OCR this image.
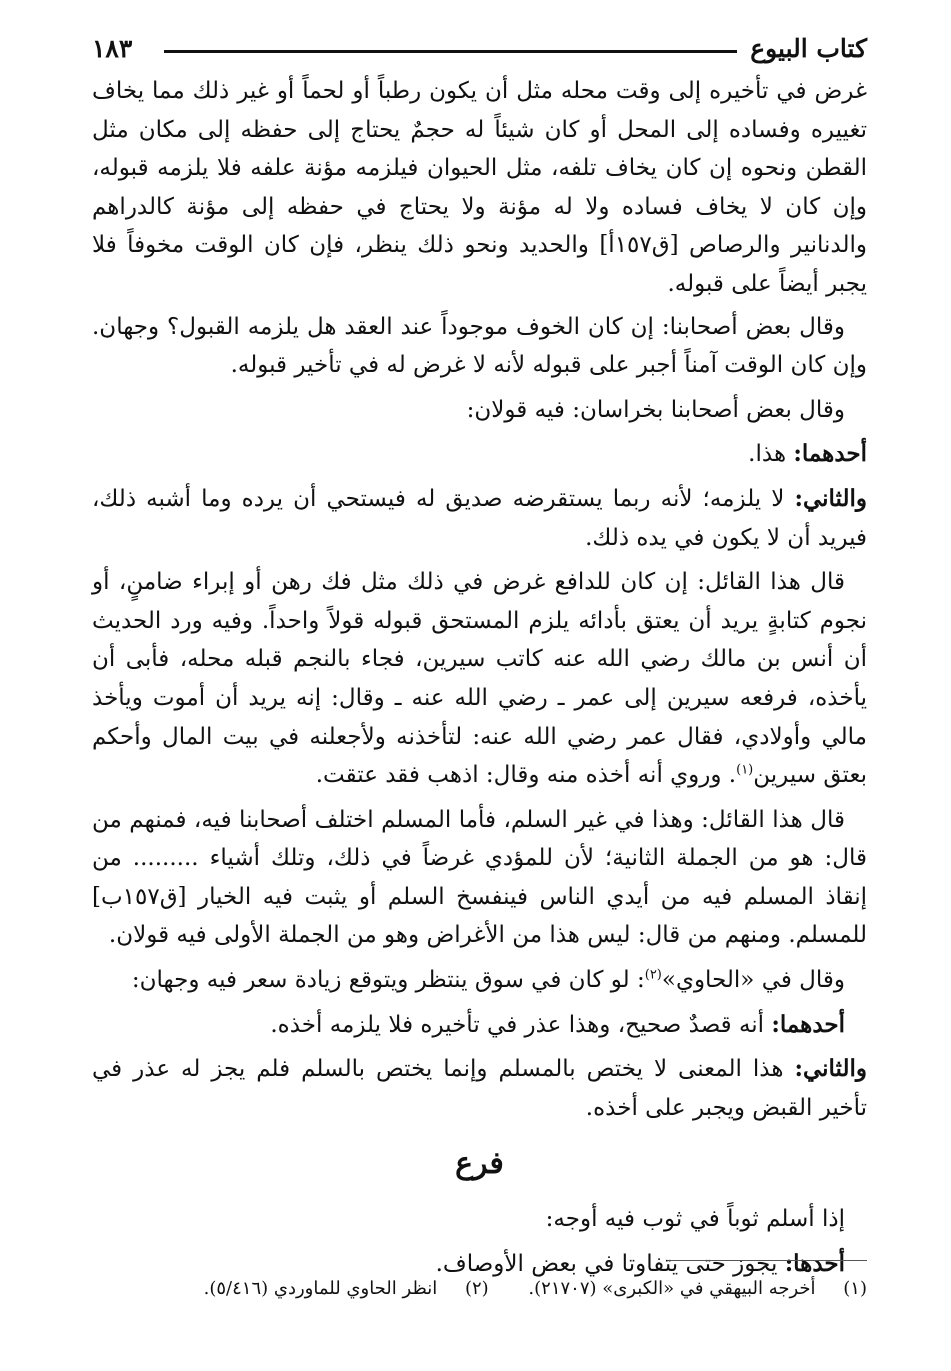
كتاب البيوع
١٨٣

غرض في تأخيره إلى وقت محله مثل أن يكون رطباً أو لحماً أو غير ذلك مما يخاف تغييره وفساده إلى المحل أو كان شيئاً له حجمٌ يحتاج إلى حفظه إلى مكان مثل القطن ونحوه إن كان يخاف تلفه، مثل الحيوان فيلزمه مؤنة علفه فلا يلزمه قبوله، وإن كان لا يخاف فساده ولا له مؤنة ولا يحتاج في حفظه إلى مؤنة كالدراهم والدنانير والرصاص [ق١٥٧أ] والحديد ونحو ذلك ينظر، فإن كان الوقت مخوفاً فلا يجبر أيضاً على قبوله.

وقال بعض أصحابنا: إن كان الخوف موجوداً عند العقد هل يلزمه القبول؟ وجهان. وإن كان الوقت آمناً أجبر على قبوله لأنه لا غرض له في تأخير قبوله.

وقال بعض أصحابنا بخراسان: فيه قولان:

أحدهما: هذا.

والثاني: لا يلزمه؛ لأنه ربما يستقرضه صديق له فيستحي أن يرده وما أشبه ذلك، فيريد أن لا يكون في يده ذلك.

قال هذا القائل: إن كان للدافع غرض في ذلك مثل فك رهن أو إبراء ضامنٍ، أو نجوم كتابةٍ يريد أن يعتق بأدائه يلزم المستحق قبوله قولاً واحداً. وفيه ورد الحديث أن أنس بن مالك رضي الله عنه كاتب سيرين، فجاء بالنجم قبله محله، فأبى أن يأخذه، فرفعه سيرين إلى عمر ـ رضي الله عنه ـ وقال: إنه يريد أن أموت ويأخذ مالي وأولادي، فقال عمر رضي الله عنه: لتأخذنه ولأجعلنه في بيت المال وأحكم بعتق سيرين$^{(١)}$. وروي أنه أخذه منه وقال: اذهب فقد عتقت.

قال هذا القائل: وهذا في غير السلم، فأما المسلم اختلف أصحابنا فيه، فمنهم من قال: هو من الجملة الثانية؛ لأن للمؤدي غرضاً في ذلك، وتلك أشياء ......... من إنقاذ المسلم فيه من أيدي الناس فينفسخ السلم أو يثبت فيه الخيار [ق١٥٧ب] للمسلم. ومنهم من قال: ليس هذا من الأغراض وهو من الجملة الأولى فيه قولان.

وقال في «الحاوي»$^{(٢)}$: لو كان في سوق ينتظر ويتوقع زيادة سعر فيه وجهان:

أحدهما: أنه قصدٌ صحيح، وهذا عذر في تأخيره فلا يلزمه أخذه.

والثاني: هذا المعنى لا يختص بالمسلم وإنما يختص بالسلم فلم يجز له عذر في تأخير القبض ويجبر على أخذه.

فرع

إذا أسلم ثوباً في ثوب فيه أوجه:

أحدها: يجوز حتى يتفاوتا في بعض الأوصاف.

(١) أخرجه البيهقي في «الكبرى» (٢١٧٠٧). (٢) انظر الحاوي للماوردي (٥/٤١٦).
